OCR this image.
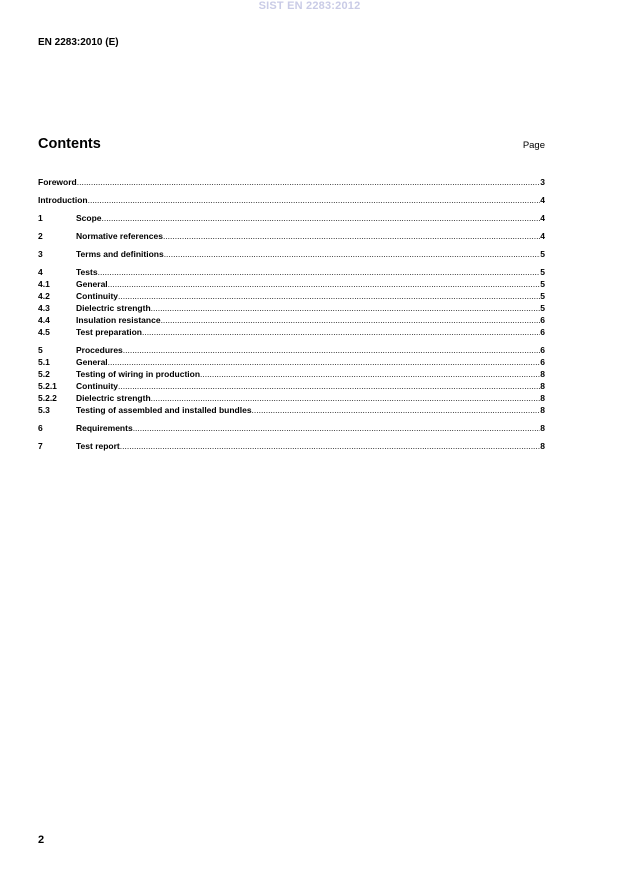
SIST EN 2283:2012
EN 2283:2010 (E)
Contents	Page
Foreword .....	3
Introduction .....	4
1	Scope .....	4
2	Normative references .....	4
3	Terms and definitions .....	5
4	Tests .....	5
4.1	General .....	5
4.2	Continuity .....	5
4.3	Dielectric strength .....	5
4.4	Insulation resistance .....	6
4.5	Test preparation .....	6
5	Procedures .....	6
5.1	General .....	6
5.2	Testing of wiring in production .....	8
5.2.1	Continuity .....	8
5.2.2	Dielectric strength .....	8
5.3	Testing of assembled and installed bundles .....	8
6	Requirements .....	8
7	Test report .....	8
2
